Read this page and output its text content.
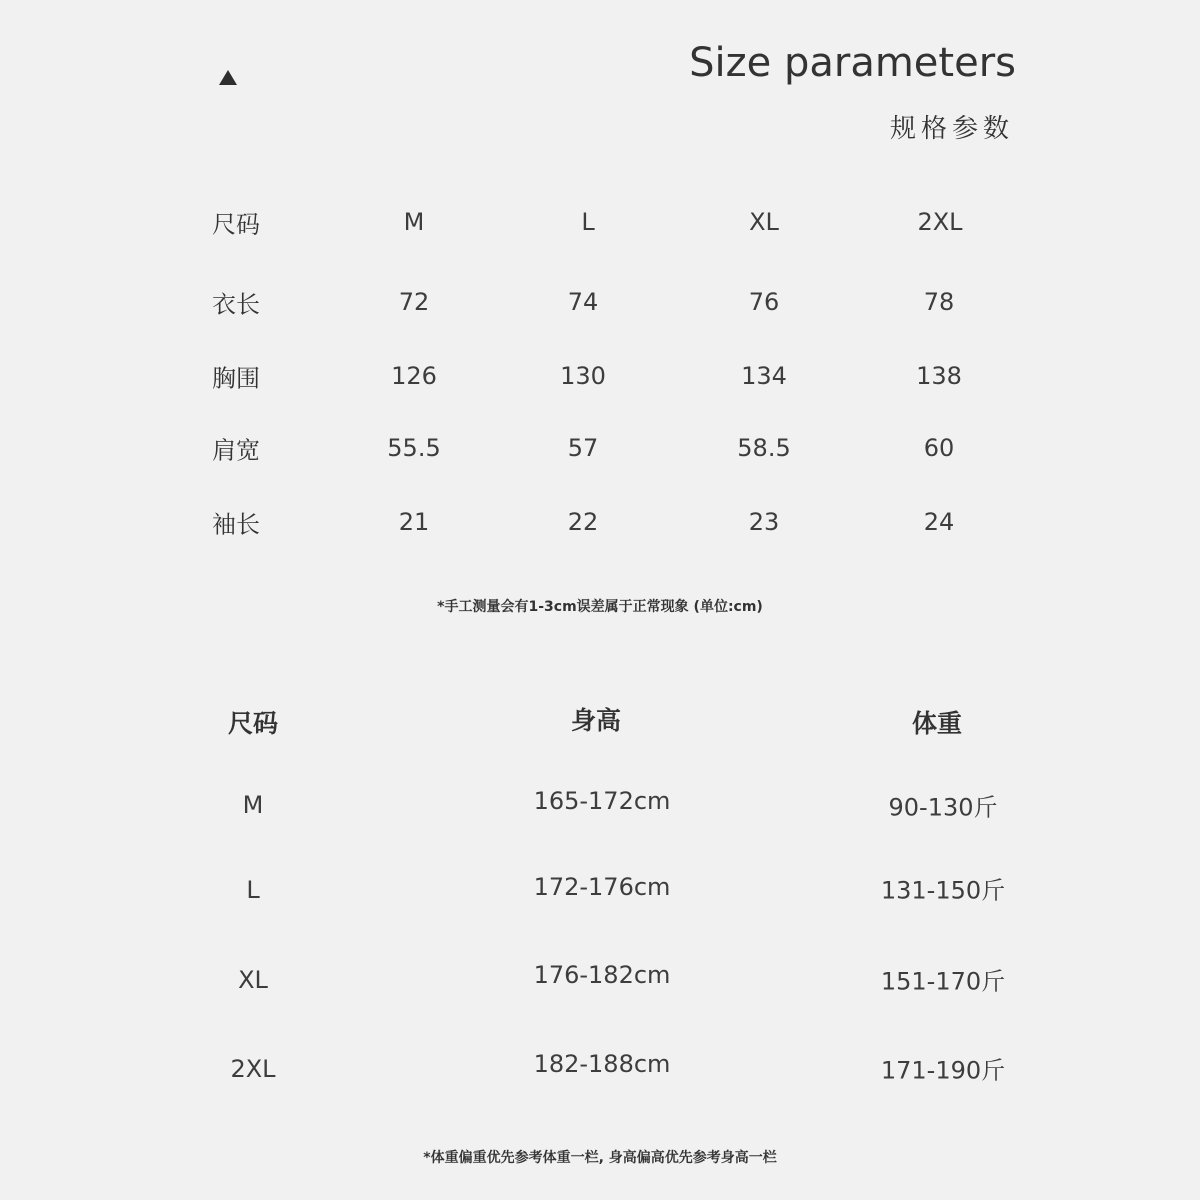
Size parameters
规格参数
尺码	M	L	XL	2XL
衣长	72	74	76	78
胸围	126	130	134	138
肩宽	55.5	57	58.5	60
袖长	21	22	23	24
*手工测量会有1-3cm误差属于正常现象 (单位:cm)
尺码	身高	体重
M	165-172cm	90-130斤
L	172-176cm	131-150斤
XL	176-182cm	151-170斤
2XL	182-188cm	171-190斤
*体重偏重优先参考体重一栏, 身高偏高优先参考身高一栏
